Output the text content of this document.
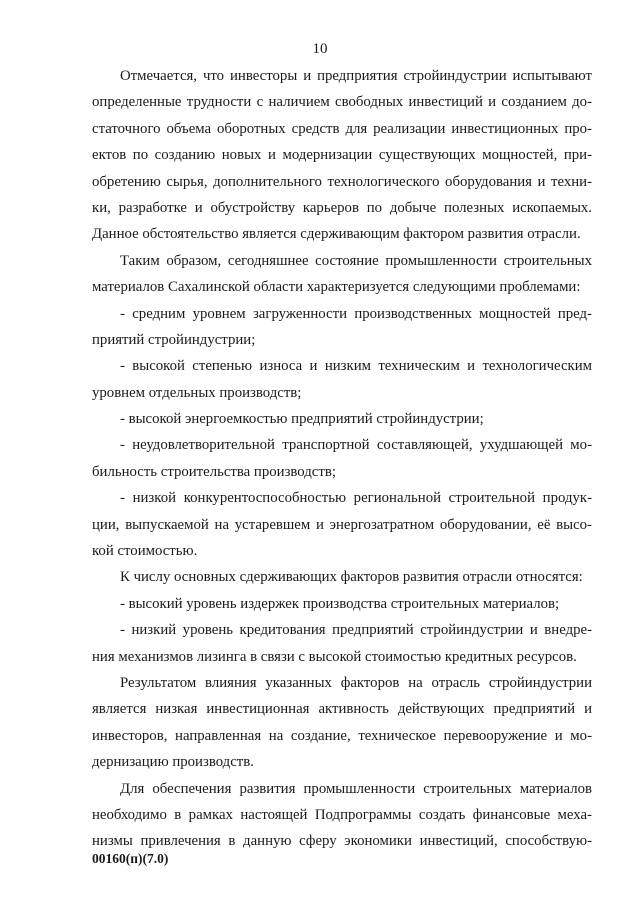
10
Отмечается, что инвесторы и предприятия стройиндустрии испытывают
определенные трудности с наличием свободных инвестиций и созданием до-
статочного объема оборотных средств для реализации инвестиционных про-
ектов по созданию новых и модернизации существующих мощностей, при-
обретению сырья, дополнительного технологического оборудования и техни-
ки, разработке и обустройству карьеров по добыче полезных ископаемых.
Данное обстоятельство является сдерживающим фактором развития отрасли.
Таким образом, сегодняшнее состояние промышленности строительных
материалов Сахалинской области характеризуется следующими проблемами:
- средним уровнем загруженности производственных мощностей пред-
приятий стройиндустрии;
- высокой степенью износа и низким техническим и технологическим
уровнем отдельных производств;
- высокой энергоемкостью предприятий стройиндустрии;
- неудовлетворительной транспортной составляющей, ухудшающей мо-
бильность строительства производств;
- низкой конкурентоспособностью региональной строительной продук-
ции, выпускаемой на устаревшем и энергозатратном оборудовании, её высо-
кой стоимостью.
К числу основных сдерживающих факторов развития отрасли относятся:
- высокий уровень издержек производства строительных материалов;
- низкий уровень кредитования предприятий стройиндустрии и внедре-
ния механизмов лизинга в связи с высокой стоимостью кредитных ресурсов.
Результатом влияния указанных факторов на отрасль стройиндустрии
является низкая инвестиционная активность действующих предприятий и
инвесторов, направленная на создание, техническое перевооружение и мо-
дернизацию производств.
Для обеспечения развития промышленности строительных материалов
необходимо в рамках настоящей Подпрограммы создать финансовые меха-
низмы привлечения в данную сферу экономики инвестиций, способствую-
00160(п)(7.0)
